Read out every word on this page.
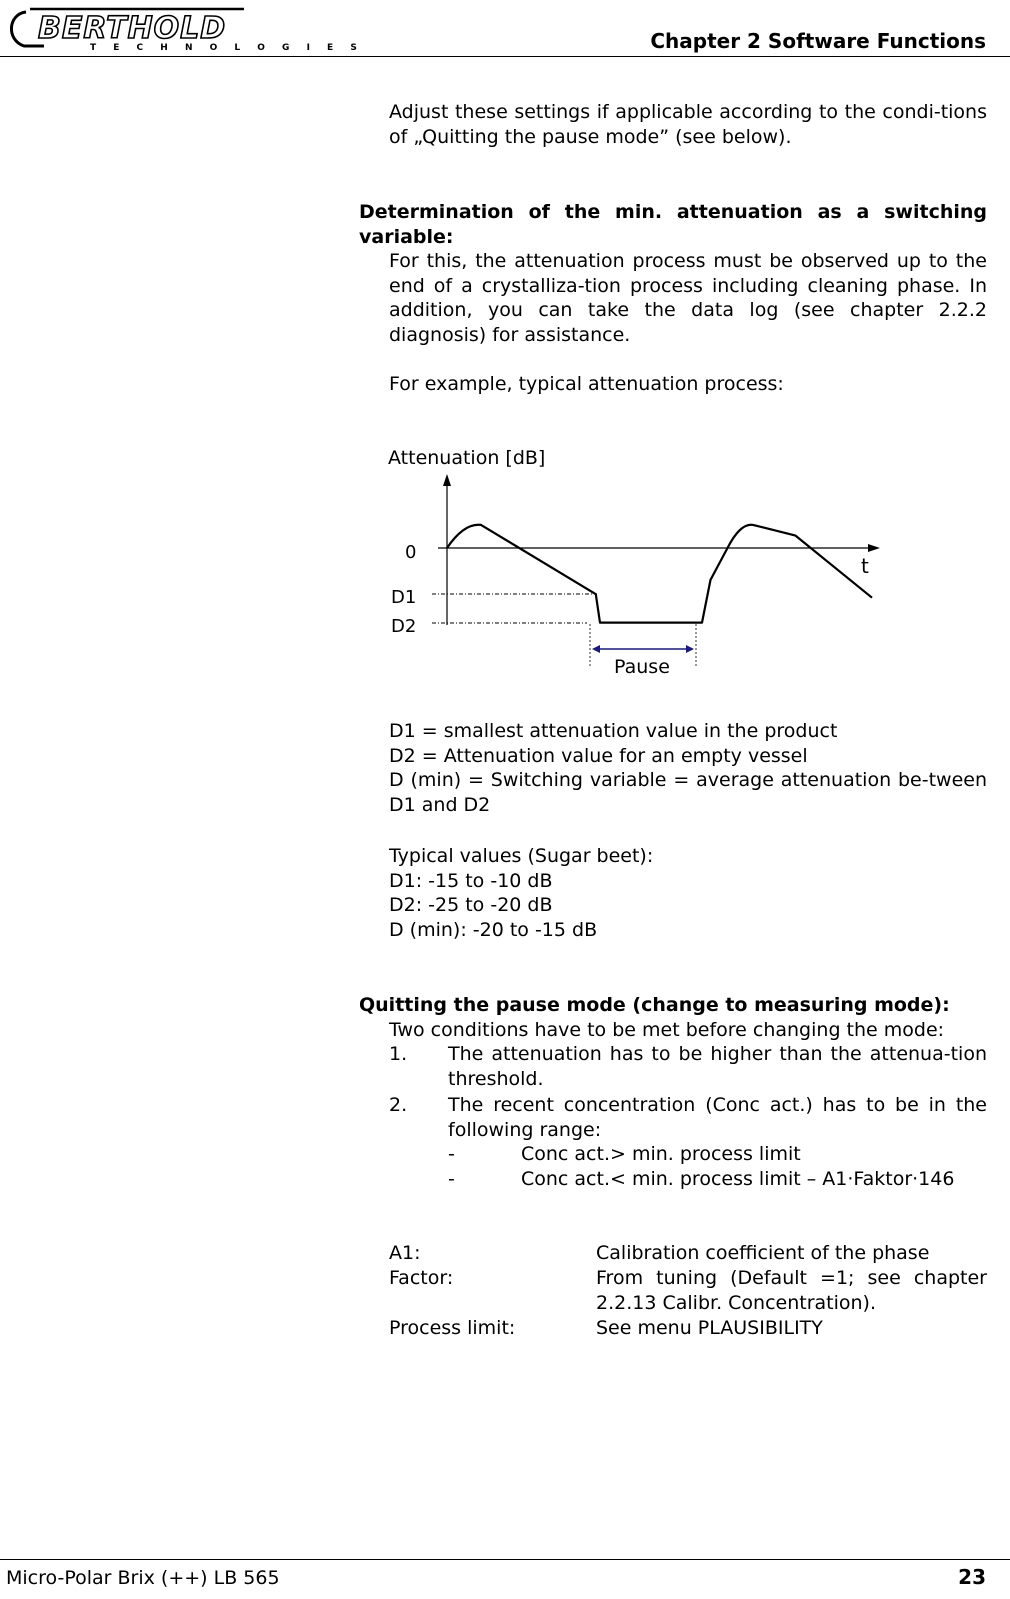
BERTHOLD
T E C H N O L O G I E S	Chapter 2 Software Functions
Adjust these settings if applicable according to the condi-tions of „Quitting the pause mode” (see below).
Determination of the min. attenuation as a switching variable:
For this, the attenuation process must be observed up to the end of a crystalliza-tion process including cleaning phase. In addition, you can take the data log (see chapter 2.2.2 diagnosis) for assistance.
For example, typical attenuation process:
Attenuation [dB]
0
t
D1
D2
Pause
D1 = smallest attenuation value in the product
D2 = Attenuation value for an empty vessel
D (min) = Switching variable = average attenuation be-tween D1 and D2
Typical values (Sugar beet):
D1: -15 to -10 dB
D2: -25 to -20 dB
D (min): -20 to -15 dB
Quitting the pause mode (change to measuring mode):
Two conditions have to be met before changing the mode:
1. The attenuation has to be higher than the attenua-tion threshold.
2. The recent concentration (Conc act.) has to be in the following range:
-	Conc act.> min. process limit
-	Conc act.< min. process limit – A1·Faktor·146
A1:	Calibration coefficient of the phase
Factor:	From tuning (Default =1; see chapter 2.2.13 Calibr. Concentration).
Process limit:	See menu PLAUSIBILITY
Micro-Polar Brix (++) LB 565	23
